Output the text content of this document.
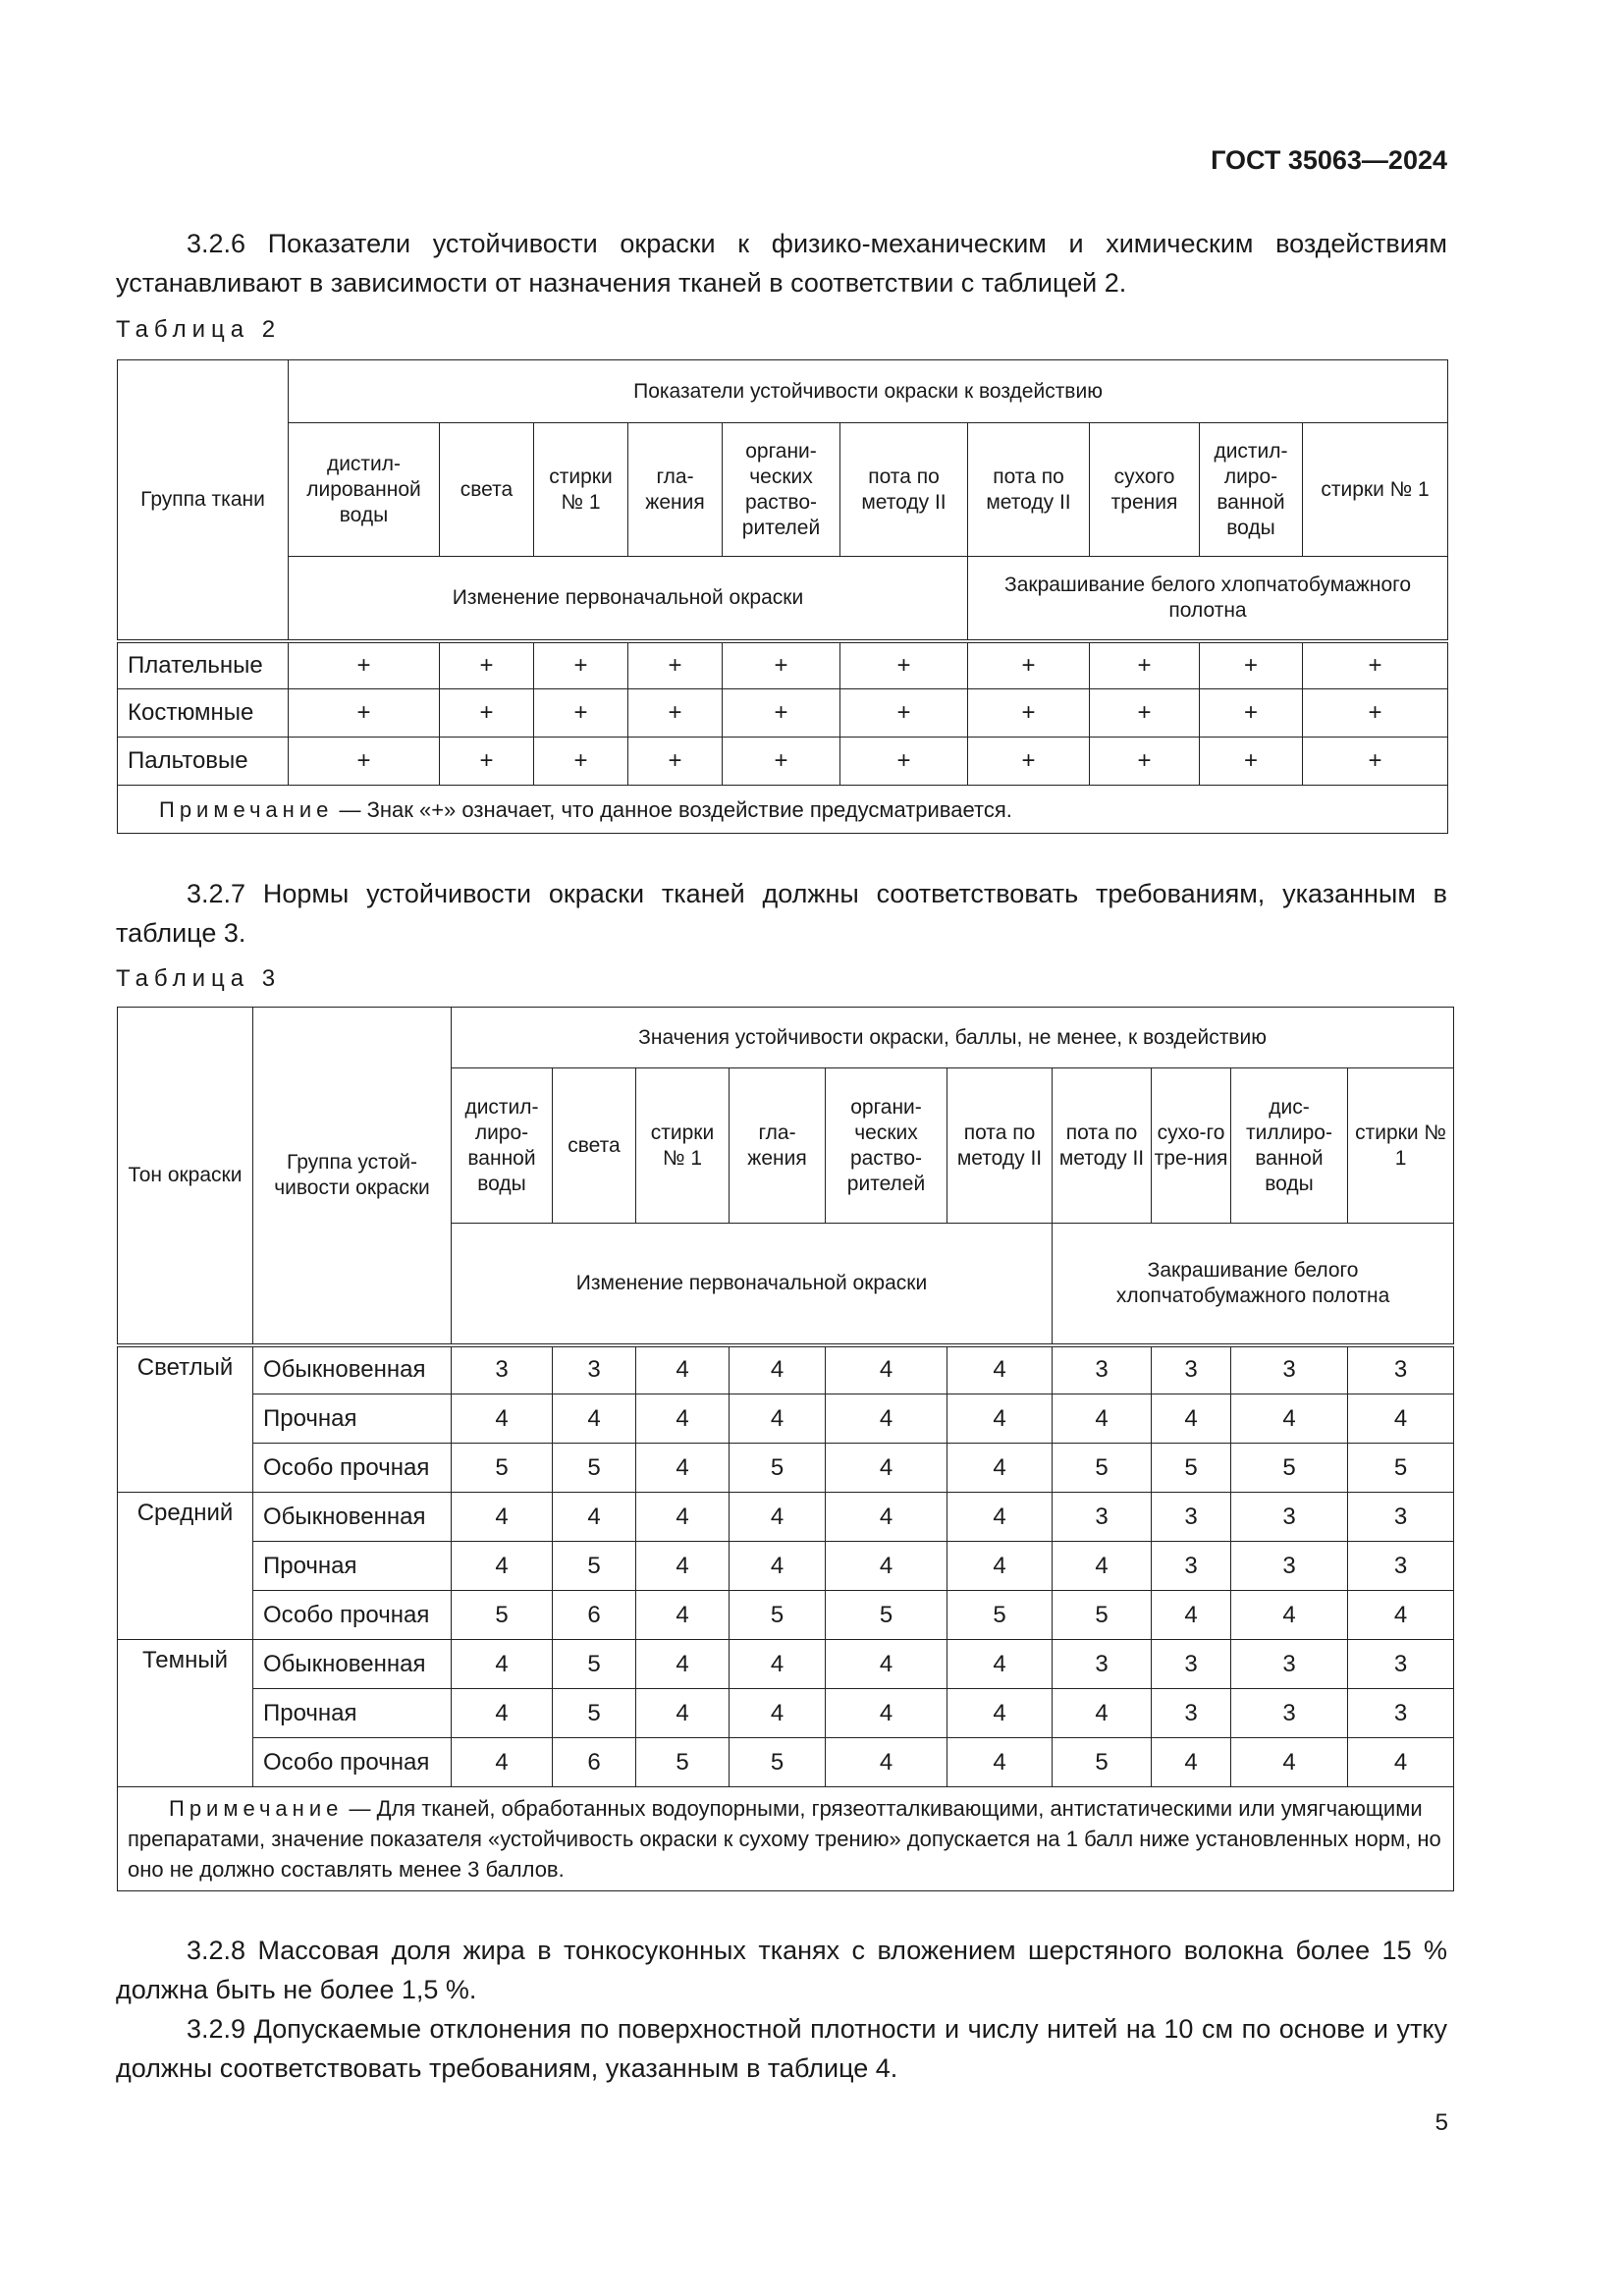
ГОСТ 35063—2024
3.2.6 Показатели устойчивости окраски к физико-механическим и химическим воздействиям устанавливают в зависимости от назначения тканей в соответствии с таблицей 2.
Таблица 2
Группа ткани	Показатели устойчивости окраски к воздействию									
	дистил-лированной воды	света	стирки № 1	гла-жения	органи-ческих раство-рителей	пота по методу II	пота по методу II	сухого трения	дистил-лиро-ванной воды	стирки № 1
	Изменение первоначальной окраски						Закрашивание белого хлопчатобумажного полотна			
Плательные	+	+	+	+	+	+	+	+	+	+
Костюмные	+	+	+	+	+	+	+	+	+	+
Пальтовые	+	+	+	+	+	+	+	+	+	+
Примечание — Знак «+» означает, что данное воздействие предусматривается.										
3.2.7 Нормы устойчивости окраски тканей должны соответствовать требованиям, указанным в таблице 3.
Таблица 3
Тон окраски	Группа устой-чивости окраски	Значения устойчивости окраски, баллы, не менее, к воздействию									
		дистил-лиро-ванной воды	света	стирки № 1	гла-жения	органи-ческих раство-рителей	пота по методу II	пота по методу II	сухо-го тре-ния	дис-тиллиро-ванной воды	стирки № 1
		Изменение первоначальной окраски						Закрашивание белого хлопчатобумажного полотна			
Светлый	Обыкновенная	3	3	4	4	4	4	3	3	3	3
	Прочная	4	4	4	4	4	4	4	4	4	4
	Особо прочная	5	5	4	5	4	4	5	5	5	5
Средний	Обыкновенная	4	4	4	4	4	4	3	3	3	3
	Прочная	4	5	4	4	4	4	4	3	3	3
	Особо прочная	5	6	4	5	5	5	5	4	4	4
Темный	Обыкновенная	4	5	4	4	4	4	3	3	3	3
	Прочная	4	5	4	4	4	4	4	3	3	3
	Особо прочная	4	6	5	5	4	4	5	4	4	4
Примечание — Для тканей, обработанных водоупорными, грязеотталкивающими, антистатическими или умягчающими препаратами, значение показателя «устойчивость окраски к сухому трению» допускается на 1 балл ниже установленных норм, но оно не должно составлять менее 3 баллов.											
3.2.8 Массовая доля жира в тонкосуконных тканях с вложением шерстяного волокна более 15 % должна быть не более 1,5 %.
3.2.9 Допускаемые отклонения по поверхностной плотности и числу нитей на 10 см по основе и утку должны соответствовать требованиям, указанным в таблице 4.
5
